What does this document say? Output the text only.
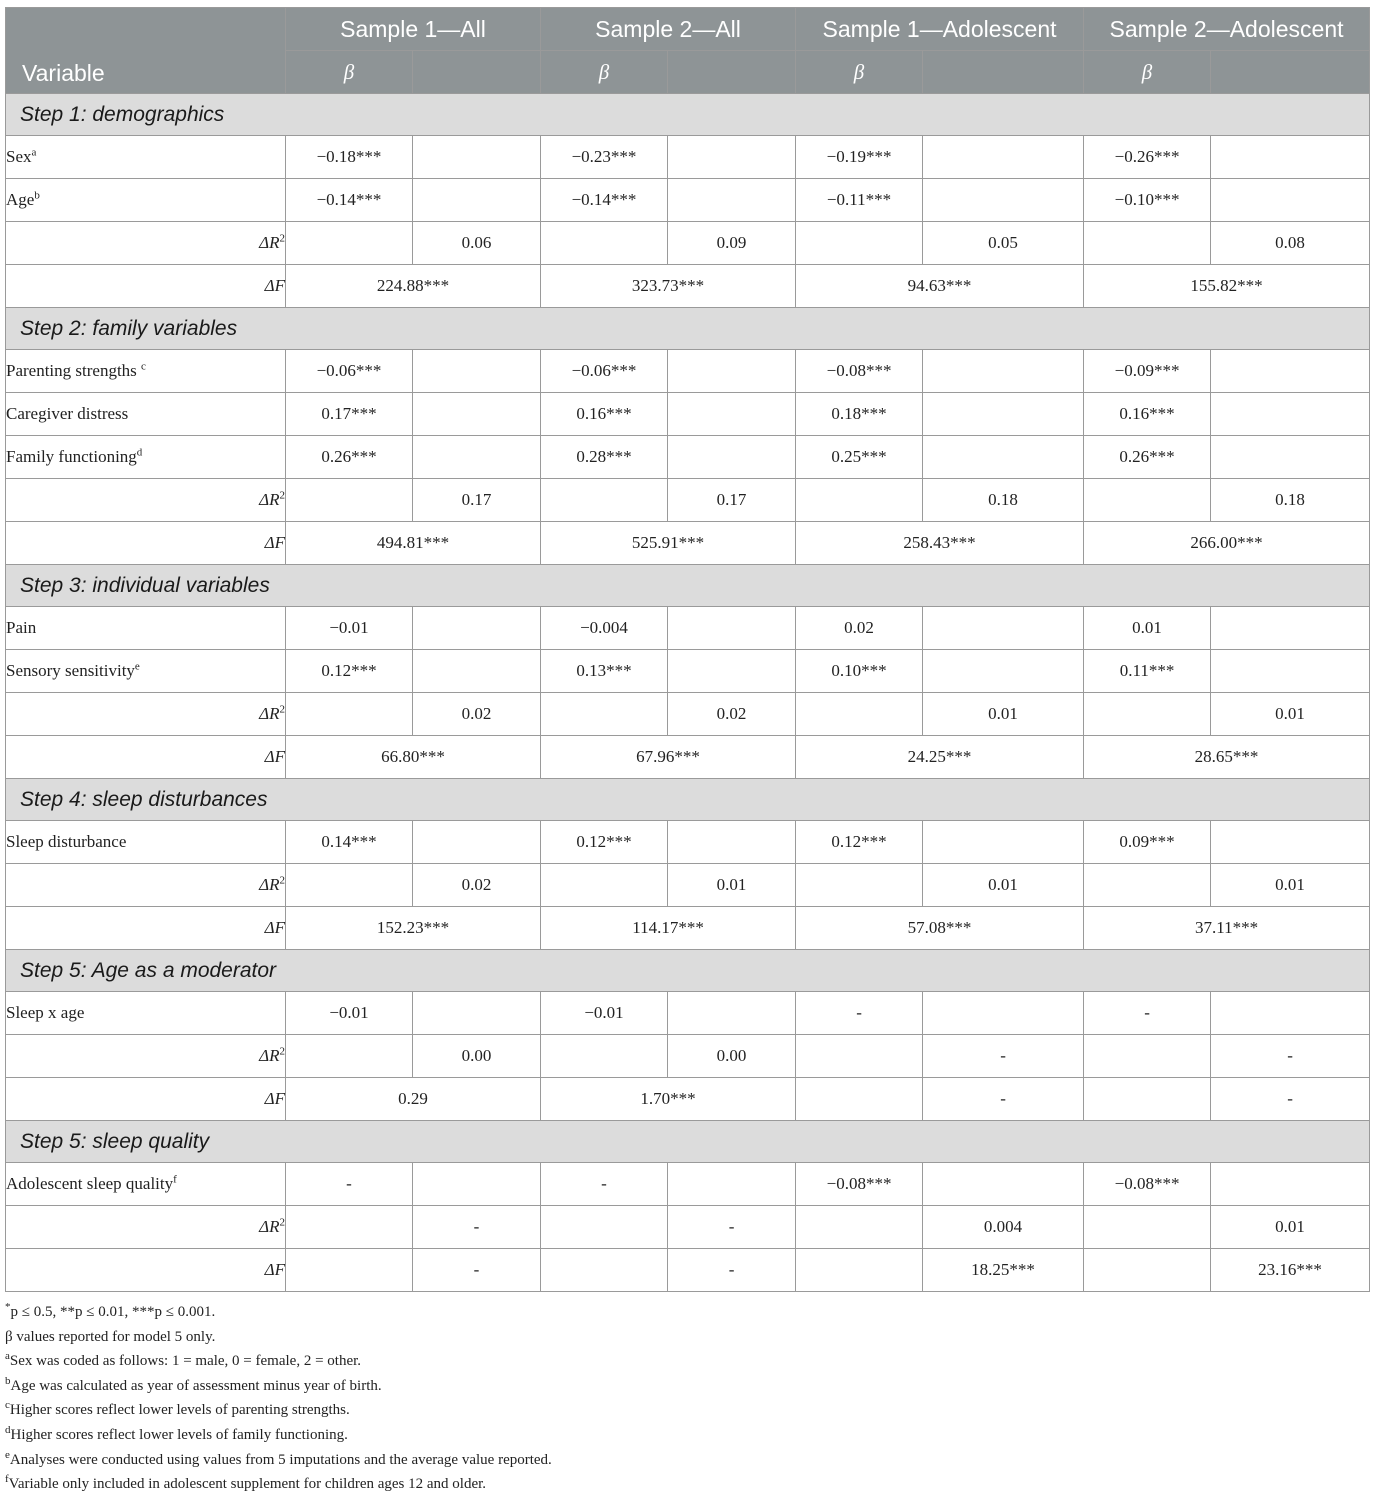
Variable	Sample 1—All		Sample 2—All		Sample 1—Adolescent		Sample 2—Adolescent	
	β		β		β		β	
Step 1: demographics								
Sex$^a$	−0.18***		−0.23***		−0.19***		−0.26***	
Age$^b$	−0.14***		−0.14***		−0.11***		−0.10***	
$\Delta R^2$		0.06		0.09		0.05		0.08
ΔF	224.88***		323.73***		94.63***		155.82***	
Step 2: family variables								
Parenting strengths $^c$	−0.06***		−0.06***		−0.08***		−0.09***	
Caregiver distress	0.17***		0.16***		0.18***		0.16***	
Family functioning$^d$	0.26***		0.28***		0.25***		0.26***	
$\Delta R^2$		0.17		0.17		0.18		0.18
ΔF	494.81***		525.91***		258.43***		266.00***	
Step 3: individual variables								
Pain	−0.01		−0.004		0.02		0.01	
Sensory sensitivity$^e$	0.12***		0.13***		0.10***		0.11***	
$\Delta R^2$		0.02		0.02		0.01		0.01
ΔF	66.80***		67.96***		24.25***		28.65***	
Step 4: sleep disturbances								
Sleep disturbance	0.14***		0.12***		0.12***		0.09***	
$\Delta R^2$		0.02		0.01		0.01		0.01
ΔF	152.23***		114.17***		57.08***		37.11***	
Step 5: Age as a moderator								
Sleep x age	−0.01		−0.01		-		-	
$\Delta R^2$		0.00		0.00		-		-
ΔF	0.29		1.70***			-		-
Step 5: sleep quality								
Adolescent sleep quality$^f$	-		-		−0.08***		−0.08***	
$\Delta R^2$		-		-		0.004		0.01
ΔF		-		-		18.25***		23.16***
*p ≤ 0.5, **p ≤ 0.01, ***p ≤ 0.001.
β values reported for model 5 only.
$^a$Sex was coded as follows: 1 = male, 0 = female, 2 = other.
$^b$Age was calculated as year of assessment minus year of birth.
$^c$Higher scores reflect lower levels of parenting strengths.
$^d$Higher scores reflect lower levels of family functioning.
$^e$Analyses were conducted using values from 5 imputations and the average value reported.
$^f$Variable only included in adolescent supplement for children ages 12 and older.
